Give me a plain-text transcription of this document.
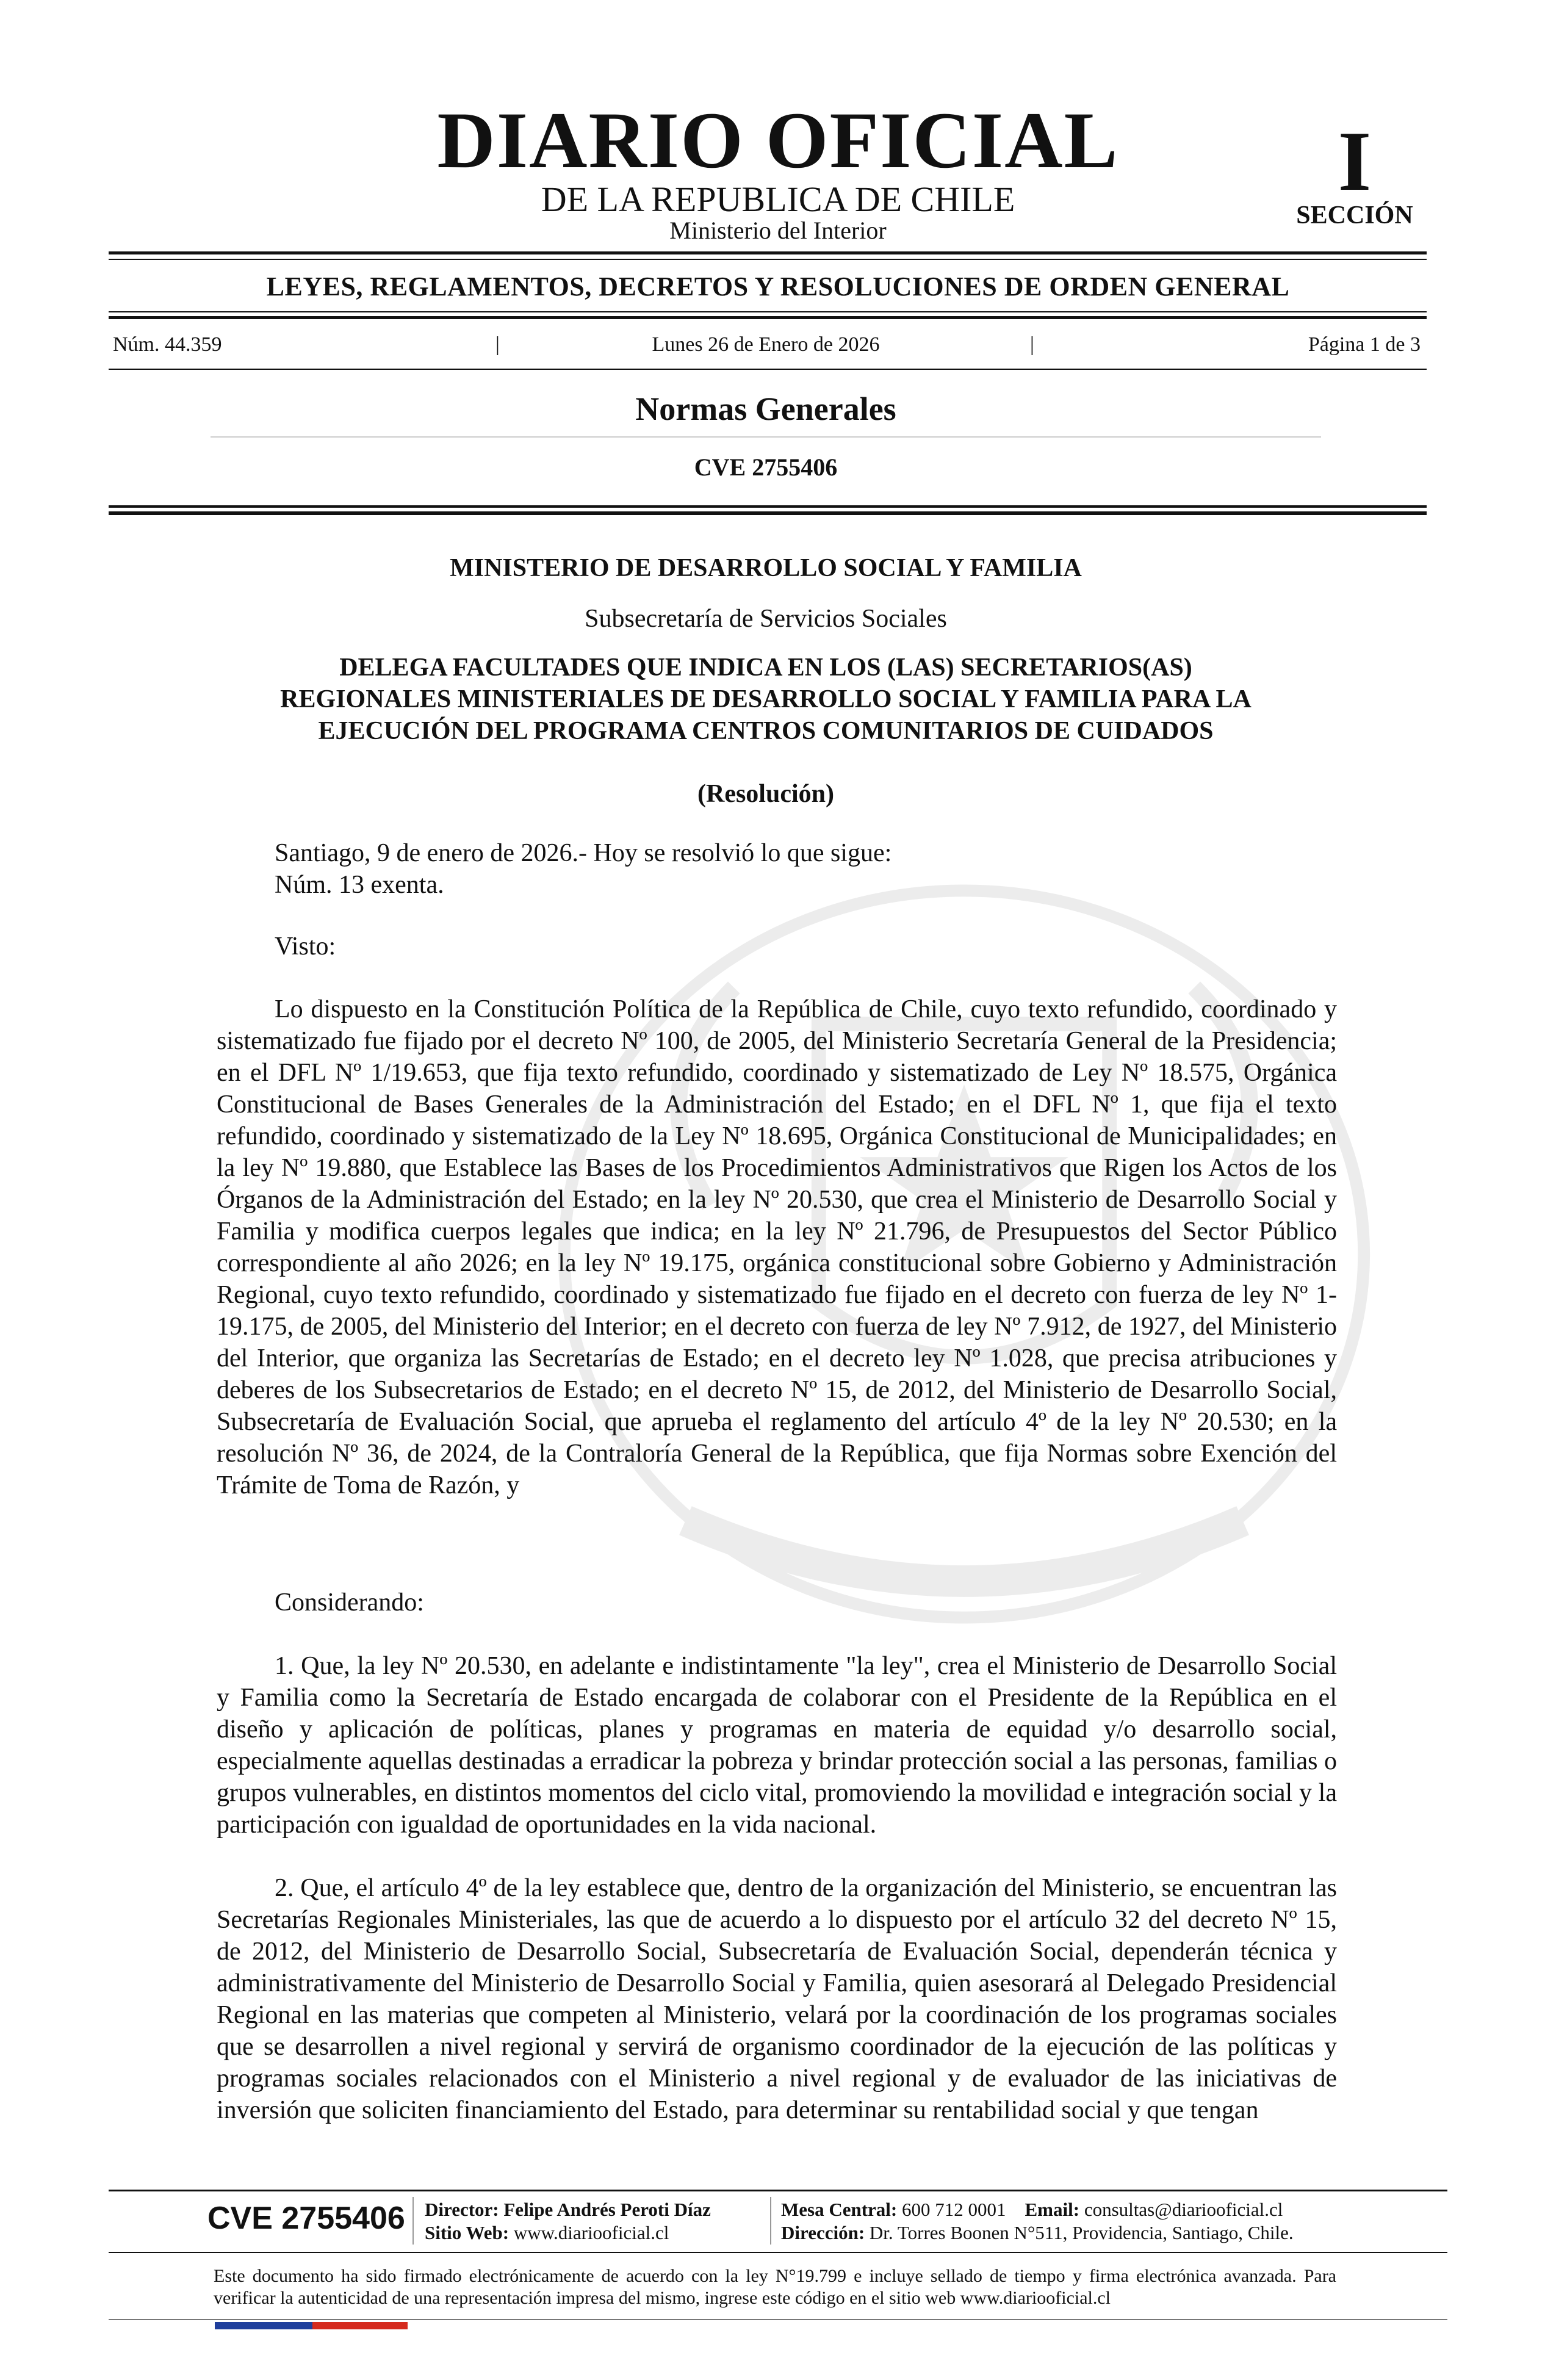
DIARIO OFICIAL
DE LA REPUBLICA DE CHILE
Ministerio del Interior
I
SECCIÓN
LEYES, REGLAMENTOS, DECRETOS Y RESOLUCIONES DE ORDEN GENERAL
Núm. 44.359	|	Lunes 26 de Enero de 2026	|	Página 1 de 3
Normas Generales
CVE 2755406
MINISTERIO DE DESARROLLO SOCIAL Y FAMILIA
Subsecretaría de Servicios Sociales
DELEGA FACULTADES QUE INDICA EN LOS (LAS) SECRETARIOS(AS)
REGIONALES MINISTERIALES DE DESARROLLO SOCIAL Y FAMILIA PARA LA
EJECUCIÓN DEL PROGRAMA CENTROS COMUNITARIOS DE CUIDADOS
(Resolución)
Santiago, 9 de enero de 2026.- Hoy se resolvió lo que sigue:
Núm. 13 exenta.
Visto:
Lo dispuesto en la Constitución Política de la República de Chile, cuyo texto refundido, coordinado y sistematizado fue fijado por el decreto Nº 100, de 2005, del Ministerio Secretaría General de la Presidencia; en el DFL Nº 1/19.653, que fija texto refundido, coordinado y sistematizado de Ley Nº 18.575, Orgánica Constitucional de Bases Generales de la Administración del Estado; en el DFL Nº 1, que fija el texto refundido, coordinado y sistematizado de la Ley Nº 18.695, Orgánica Constitucional de Municipalidades; en la ley Nº 19.880, que Establece las Bases de los Procedimientos Administrativos que Rigen los Actos de los Órganos de la Administración del Estado; en la ley Nº 20.530, que crea el Ministerio de Desarrollo Social y Familia y modifica cuerpos legales que indica; en la ley Nº 21.796, de Presupuestos del Sector Público correspondiente al año 2026; en la ley Nº 19.175, orgánica constitucional sobre Gobierno y Administración Regional, cuyo texto refundido, coordinado y sistematizado fue fijado en el decreto con fuerza de ley Nº 1-19.175, de 2005, del Ministerio del Interior; en el decreto con fuerza de ley Nº 7.912, de 1927, del Ministerio del Interior, que organiza las Secretarías de Estado; en el decreto ley Nº 1.028, que precisa atribuciones y deberes de los Subsecretarios de Estado; en el decreto Nº 15, de 2012, del Ministerio de Desarrollo Social, Subsecretaría de Evaluación Social, que aprueba el reglamento del artículo 4º de la ley Nº 20.530; en la resolución Nº 36, de 2024, de la Contraloría General de la República, que fija Normas sobre Exención del Trámite de Toma de Razón, y
Considerando:
1. Que, la ley Nº 20.530, en adelante e indistintamente "la ley", crea el Ministerio de Desarrollo Social y Familia como la Secretaría de Estado encargada de colaborar con el Presidente de la República en el diseño y aplicación de políticas, planes y programas en materia de equidad y/o desarrollo social, especialmente aquellas destinadas a erradicar la pobreza y brindar protección social a las personas, familias o grupos vulnerables, en distintos momentos del ciclo vital, promoviendo la movilidad e integración social y la participación con igualdad de oportunidades en la vida nacional.
2. Que, el artículo 4º de la ley establece que, dentro de la organización del Ministerio, se encuentran las Secretarías Regionales Ministeriales, las que de acuerdo a lo dispuesto por el artículo 32 del decreto Nº 15, de 2012, del Ministerio de Desarrollo Social, Subsecretaría de Evaluación Social, dependerán técnica y administrativamente del Ministerio de Desarrollo Social y Familia, quien asesorará al Delegado Presidencial Regional en las materias que competen al Ministerio, velará por la coordinación de los programas sociales que se desarrollen a nivel regional y servirá de organismo coordinador de la ejecución de las políticas y programas sociales relacionados con el Ministerio a nivel regional y de evaluador de las iniciativas de inversión que soliciten financiamiento del Estado, para determinar su rentabilidad social y que tengan
CVE 2755406 Director: Felipe Andrés Peroti Díaz
Sitio Web: www.diariooficial.cl
Mesa Central: 600 712 0001 Email: consultas@diariooficial.cl
Dirección: Dr. Torres Boonen N°511, Providencia, Santiago, Chile.
Este documento ha sido firmado electrónicamente de acuerdo con la ley N°19.799 e incluye sellado de tiempo y firma electrónica avanzada. Para verificar la autenticidad de una representación impresa del mismo, ingrese este código en el sitio web www.diariooficial.cl
